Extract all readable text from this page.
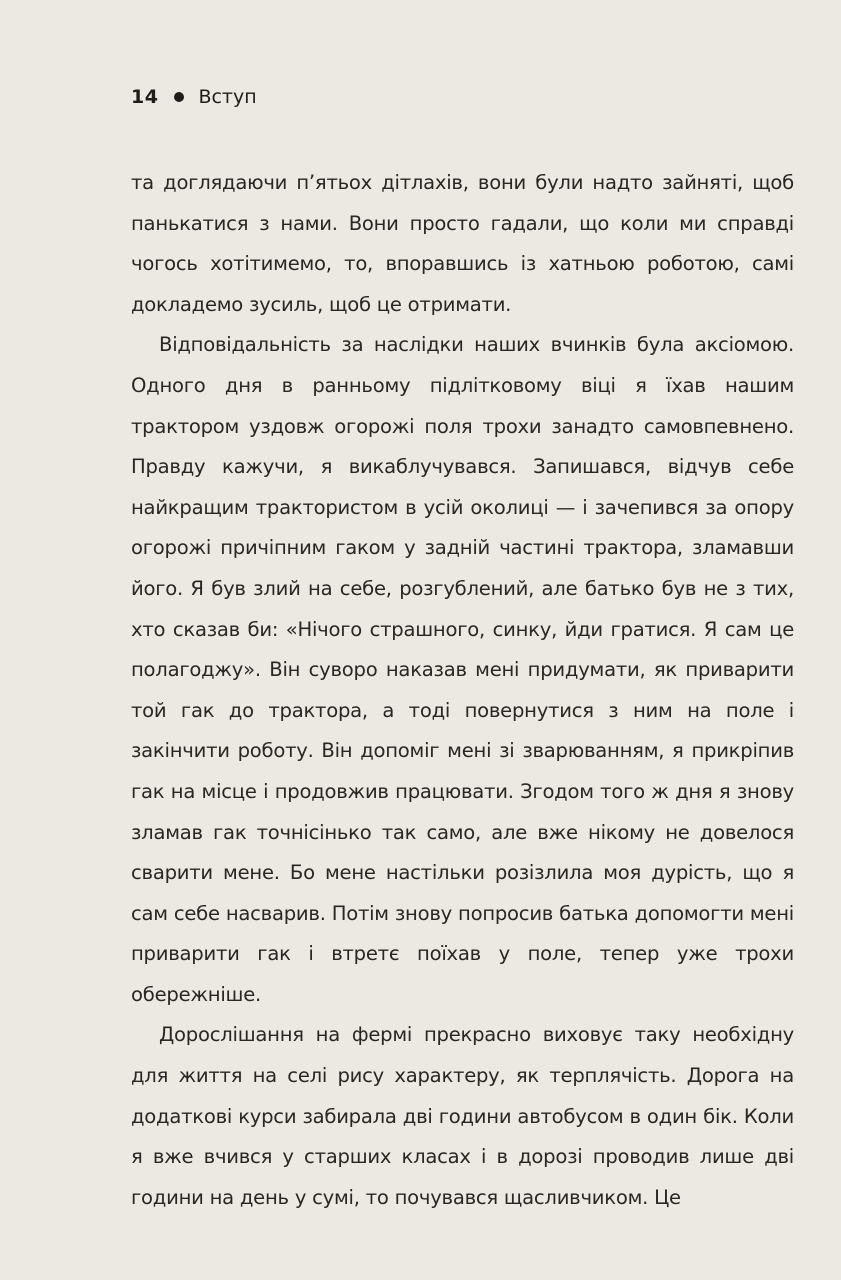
14 Вступ

та доглядаючи п’ятьох дітлахів, вони були надто зайняті, щоб панькатися з нами. Вони просто гадали, що коли ми справді чогось хотітимемо, то, впоравшись із хатньою роботою, самі докладемо зусиль, щоб це отримати.

Відповідальність за наслідки наших вчинків була аксіомою. Одного дня в ранньому підлітковому віці я їхав нашим трактором уздовж огорожі поля трохи занадто самовпевнено. Правду кажучи, я викаблучувався. Запишався, відчув себе найкращим трактористом в усій околиці — і зачепився за опору огорожі причіпним гаком у задній частині трактора, зламавши його. Я був злий на себе, розгублений, але батько був не з тих, хто сказав би: «Нічого страшного, синку, йди гратися. Я сам це полагоджу». Він суворо наказав мені придумати, як приварити той гак до трактора, а тоді повернутися з ним на поле і закінчити роботу. Він допоміг мені зі зварюванням, я прикріпив гак на місце і продовжив працювати. Згодом того ж дня я знову зламав гак точнісінько так само, але вже нікому не довелося сварити мене. Бо мене настільки розізлила моя дурість, що я сам себе насварив. Потім знову попросив батька допомогти мені приварити гак і втретє поїхав у поле, тепер уже трохи обережніше.

Дорослішання на фермі прекрасно виховує таку необхідну для життя на селі рису характеру, як терплячість. Дорога на додаткові курси забирала дві години автобусом в один бік. Коли я вже вчився у старших класах і в дорозі проводив лише дві години на день у сумі, то почувався щасливчиком. Це
